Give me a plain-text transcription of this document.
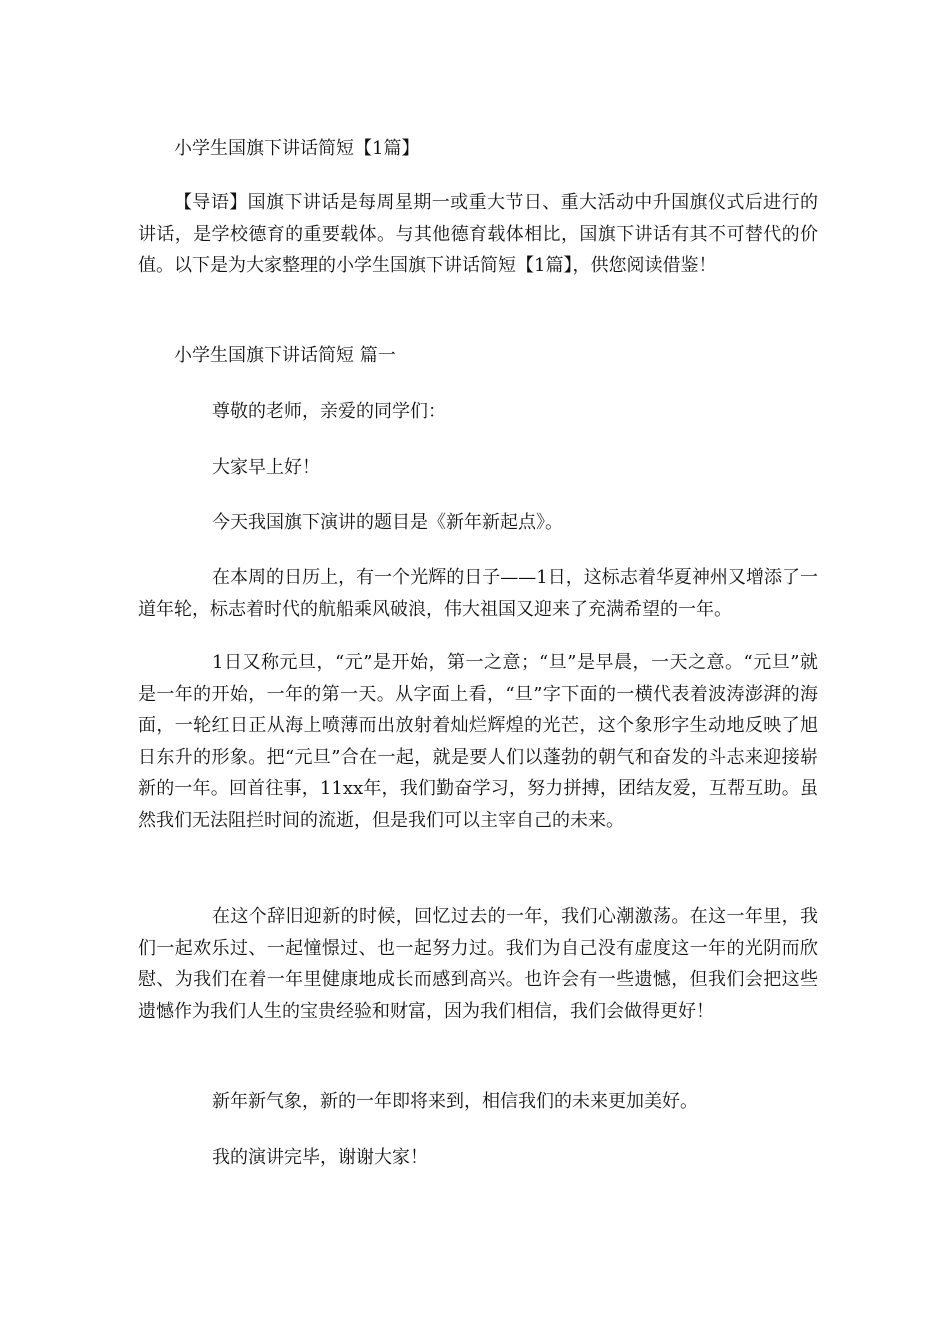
小学生国旗下讲话简短【1篇】

【导语】国旗下讲话是每周星期一或重大节日、重大活动中升国旗仪式后进行的讲话，是学校德育的重要载体。与其他德育载体相比，国旗下讲话有其不可替代的价值。以下是为大家整理的小学生国旗下讲话简短【1篇】，供您阅读借鉴！

小学生国旗下讲话简短 篇一

尊敬的老师，亲爱的同学们：

大家早上好！

今天我国旗下演讲的题目是《新年新起点》。

在本周的日历上，有一个光辉的日子——1日，这标志着华夏神州又增添了一道年轮，标志着时代的航船乘风破浪，伟大祖国又迎来了充满希望的一年。

1日又称元旦，“元”是开始，第一之意；“旦”是早晨，一天之意。“元旦”就是一年的开始，一年的第一天。从字面上看，“旦”字下面的一横代表着波涛澎湃的海面，一轮红日正从海上喷薄而出放射着灿烂辉煌的光芒，这个象形字生动地反映了旭日东升的形象。把“元旦”合在一起，就是要人们以蓬勃的朝气和奋发的斗志来迎接崭新的一年。回首往事，11xx年，我们勤奋学习，努力拼搏，团结友爱，互帮互助。虽然我们无法阻拦时间的流逝，但是我们可以主宰自己的未来。

在这个辞旧迎新的时候，回忆过去的一年，我们心潮激荡。在这一年里，我们一起欢乐过、一起憧憬过、也一起努力过。我们为自己没有虚度这一年的光阴而欣慰、为我们在着一年里健康地成长而感到高兴。也许会有一些遗憾，但我们会把这些遗憾作为我们人生的宝贵经验和财富，因为我们相信，我们会做得更好！

新年新气象，新的一年即将来到，相信我们的未来更加美好。

我的演讲完毕，谢谢大家！
